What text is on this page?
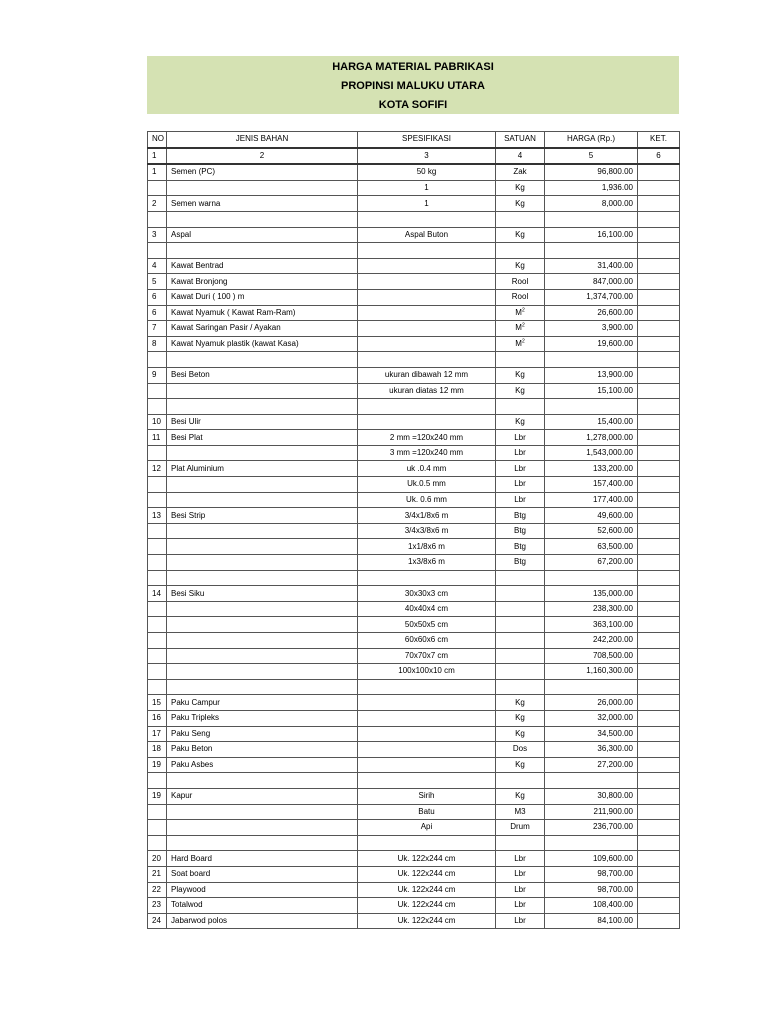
HARGA MATERIAL PABRIKASI
PROPINSI MALUKU UTARA
KOTA SOFIFI
NO	JENIS BAHAN	SPESIFIKASI	SATUAN	HARGA (Rp.)	KET.
1	2	3	4	5	6
1	Semen (PC)	50 kg	Zak	96,800.00	
		1	Kg	1,936.00	
2	Semen warna	1	Kg	8,000.00	

3	Aspal	Aspal Buton	Kg	16,100.00	

4	Kawat Bentrad		Kg	31,400.00	
5	Kawat Bronjong		Rool	847,000.00	
6	Kawat Duri ( 100 ) m		Rool	1,374,700.00	
6	Kawat Nyamuk ( Kawat Ram-Ram)		$M^2$	26,600.00	
7	Kawat Saringan Pasir / Ayakan		$M^2$	3,900.00	
8	Kawat Nyamuk plastik (kawat Kasa)		$M^2$	19,600.00	

9	Besi Beton	ukuran dibawah 12 mm	Kg	13,900.00	
		ukuran diatas 12 mm	Kg	15,100.00	

10	Besi Ulir		Kg	15,400.00	
11	Besi Plat	2 mm =120x240 mm	Lbr	1,278,000.00	
		3 mm =120x240 mm	Lbr	1,543,000.00	
12	Plat Aluminium	uk .0.4 mm	Lbr	133,200.00	
		Uk.0.5 mm	Lbr	157,400.00	
		Uk. 0.6 mm	Lbr	177,400.00	
13	Besi Strip	3/4x1/8x6 m	Btg	49,600.00	
		3/4x3/8x6 m	Btg	52,600.00	
		1x1/8x6 m	Btg	63,500.00	
		1x3/8x6 m	Btg	67,200.00	

14	Besi Siku	30x30x3 cm		135,000.00	
		40x40x4 cm		238,300.00	
		50x50x5 cm		363,100.00	
		60x60x6 cm		242,200.00	
		70x70x7 cm		708,500.00	
		100x100x10 cm		1,160,300.00	

15	Paku Campur		Kg	26,000.00	
16	Paku Tripleks		Kg	32,000.00	
17	Paku Seng		Kg	34,500.00	
18	Paku Beton		Dos	36,300.00	
19	Paku Asbes		Kg	27,200.00	

19	Kapur	Sirih	Kg	30,800.00	
		Batu	M3	211,900.00	
		Api	Drum	236,700.00	

20	Hard Board	Uk. 122x244 cm	Lbr	109,600.00	
21	Soat board	Uk. 122x244 cm	Lbr	98,700.00	
22	Playwood	Uk. 122x244 cm	Lbr	98,700.00	
23	Totalwod	Uk. 122x244 cm	Lbr	108,400.00	
24	Jabarwod polos	Uk. 122x244 cm	Lbr	84,100.00	
